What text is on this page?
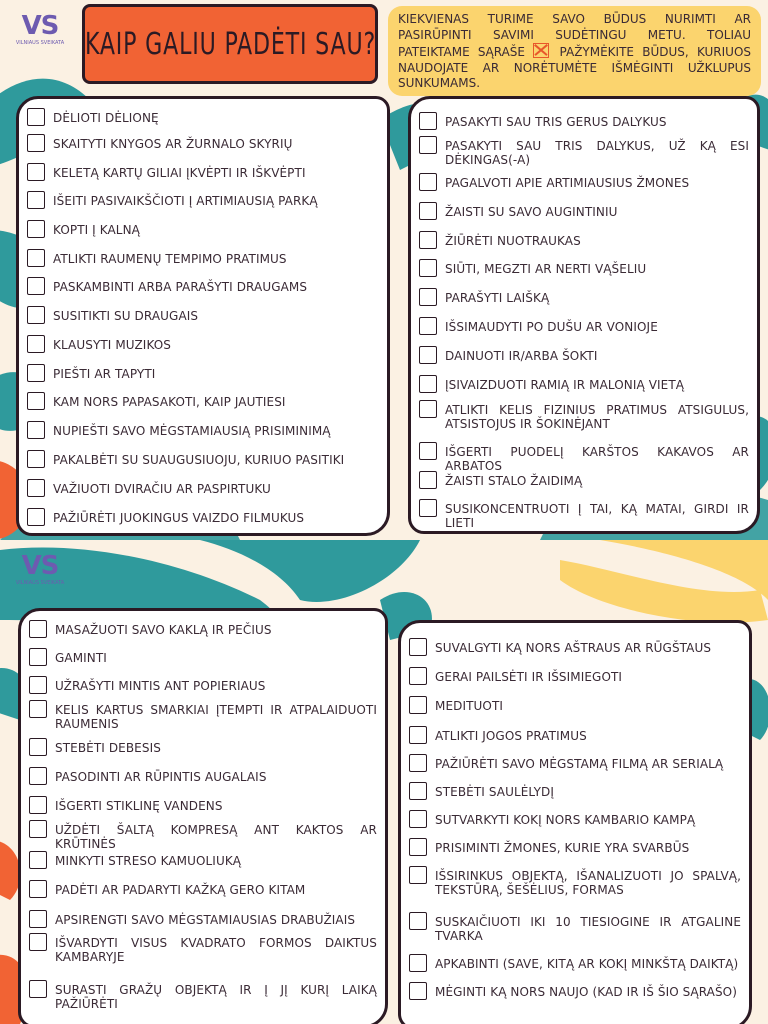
VS
VILNIAUS SVEIKATA KAIP GALIU PADĖTI SAU?
KIEKVIENAS TURIME SAVO BŪDUS NURIMTI AR PASIRŪPINTI SAVIMI SUDĖTINGU METU. TOLIAU PATEIKTAME SĄRAŠE	PAŽYMĖKITE BŪDUS, KURIUOS NAUDOJATE AR NORĖTUMĖTE IŠMĖGINTI UŽKLUPUS SUNKUMAMS.
DĖLIOTI DĖLIONĘ
SKAITYTI KNYGOS AR ŽURNALO SKYRIŲ
KELETĄ KARTŲ GILIAI ĮKVĖPTI IR IŠKVĖPTI
IŠEITI PASIVAIKŠČIOTI Į ARTIMIAUSIĄ PARKĄ
KOPTI Į KALNĄ
ATLIKTI RAUMENŲ TEMPIMO PRATIMUS
PASKAMBINTI ARBA PARAŠYTI DRAUGAMS
SUSITIKTI SU DRAUGAIS
KLAUSYTI MUZIKOS
PIEŠTI AR TAPYTI
KAM NORS PAPASAKOTI, KAIP JAUTIESI
NUPIEŠTI SAVO MĖGSTAMIAUSIĄ PRISIMINIMĄ
PAKALBĖTI SU SUAUGUSIUOJU, KURIUO PASITIKI
VAŽIUOTI DVIRAČIU AR PASPIRTUKU
PAŽIŪRĖTI JUOKINGUS VAIZDO FILMUKUS
PASAKYTI SAU TRIS GERUS DALYKUS
PASAKYTI SAU TRIS DALYKUS, UŽ KĄ ESI DĖKINGAS(-A)
PAGALVOTI APIE ARTIMIAUSIUS ŽMONES
ŽAISTI SU SAVO AUGINTINIU
ŽIŪRĖTI NUOTRAUKAS
SIŪTI, MEGZTI AR NERTI VĄŠELIU
PARAŠYTI LAIŠKĄ
IŠSIMAUDYTI PO DUŠU AR VONIOJE
DAINUOTI IR/ARBA ŠOKTI
ĮSIVAIZDUOTI RAMIĄ IR MALONIĄ VIETĄ
ATLIKTI KELIS FIZINIUS PRATIMUS ATSIGULUS, ATSISTOJUS IR ŠOKINĖJANT
IŠGERTI PUODELĮ KARŠTOS KAKAVOS AR ARBATOS
ŽAISTI STALO ŽAIDIMĄ
SUSIKONCENTRUOTI Į TAI, KĄ MATAI, GIRDI IR LIETI
VS
VILNIAUS SVEIKATA
MASAŽUOTI SAVO KAKLĄ IR PEČIUS
GAMINTI
UŽRAŠYTI MINTIS ANT POPIERIAUS
KELIS KARTUS SMARKIAI ĮTEMPTI IR ATPALAIDUOTI RAUMENIS
STEBĖTI DEBESIS
PASODINTI AR RŪPINTIS AUGALAIS
IŠGERTI STIKLINĘ VANDENS
UŽDĖTI ŠALTĄ KOMPRESĄ ANT KAKTOS AR KRŪTINĖS
MINKYTI STRESO KAMUOLIUKĄ
PADĖTI AR PADARYTI KAŽKĄ GERO KITAM
APSIRENGTI SAVO MĖGSTAMIAUSIAS DRABUŽIAIS
IŠVARDYTI VISUS KVADRATO FORMOS DAIKTUS KAMBARYJE
SURASTI GRAŽŲ OBJEKTĄ IR Į JĮ KURĮ LAIKĄ PAŽIŪRĖTI
SUVALGYTI KĄ NORS AŠTRAUS AR RŪGŠTAUS
GERAI PAILSĖTI IR IŠSIMIEGOTI
MEDITUOTI
ATLIKTI JOGOS PRATIMUS
PAŽIŪRĖTI SAVO MĖGSTAMĄ FILMĄ AR SERIALĄ
STEBĖTI SAULĖLYDĮ
SUTVARKYTI KOKĮ NORS KAMBARIO KAMPĄ
PRISIMINTI ŽMONES, KURIE YRA SVARBŪS
IŠSIRINKUS OBJEKTĄ, IŠANALIZUOTI JO SPALVĄ, TEKSTŪRĄ, ŠEŠĖLIUS, FORMAS
SUSKAIČIUOTI IKI 10 TIESIOGINE IR ATGALINE TVARKA
APKABINTI (SAVE, KITĄ AR KOKĮ MINKŠTĄ DAIKTĄ)
MĖGINTI KĄ NORS NAUJO (KAD IR IŠ ŠIO SĄRAŠO)
